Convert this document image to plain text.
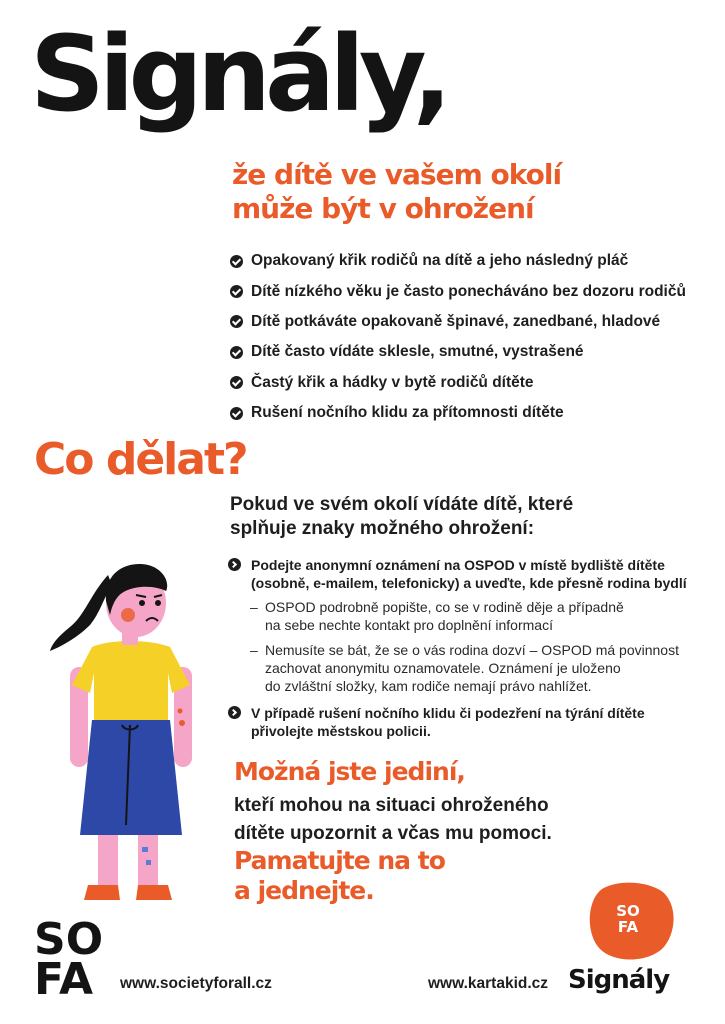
Signály,
že dítě ve vašem okolí
může být v ohrožení
Opakovaný křik rodičů na dítě a jeho následný pláč
Dítě nízkého věku je často ponecháváno bez dozoru rodičů
Dítě potkáváte opakovaně špinavé, zanedbané, hladové
Dítě často vídáte sklesle, smutné, vystrašené
Častý křik a hádky v bytě rodičů dítěte
Rušení nočního klidu za přítomnosti dítěte
Co dělat?

Pokud ve svém okolí vídáte dítě, které
splňuje znaky možného ohrožení:

Podejte anonymní oznámení na OSPOD v místě bydliště dítěte
(osobně, e-mailem, telefonicky) a uveďte, kde přesně rodina bydlí
– OSPOD podrobně popište, co se v rodině děje a případně
na sebe nechte kontakt pro doplnění informací
– Nemusíte se bát, že se o vás rodina dozví – OSPOD má povinnost
zachovat anonymitu oznamovatele. Oznámení je uloženo
do zvláštní složky, kam rodiče nemají právo nahlížet.
V případě rušení nočního klidu či podezření na týrání dítěte
přivolejte městskou policii.

Možná jste jediní,

kteří mohou na situaci ohroženého
dítěte upozornit a včas mu pomoci.

Pamatujte na to
a jednejte.

SO
FA	www.societyforall.cz	www.kartakid.cz
SO
FA

Signály
